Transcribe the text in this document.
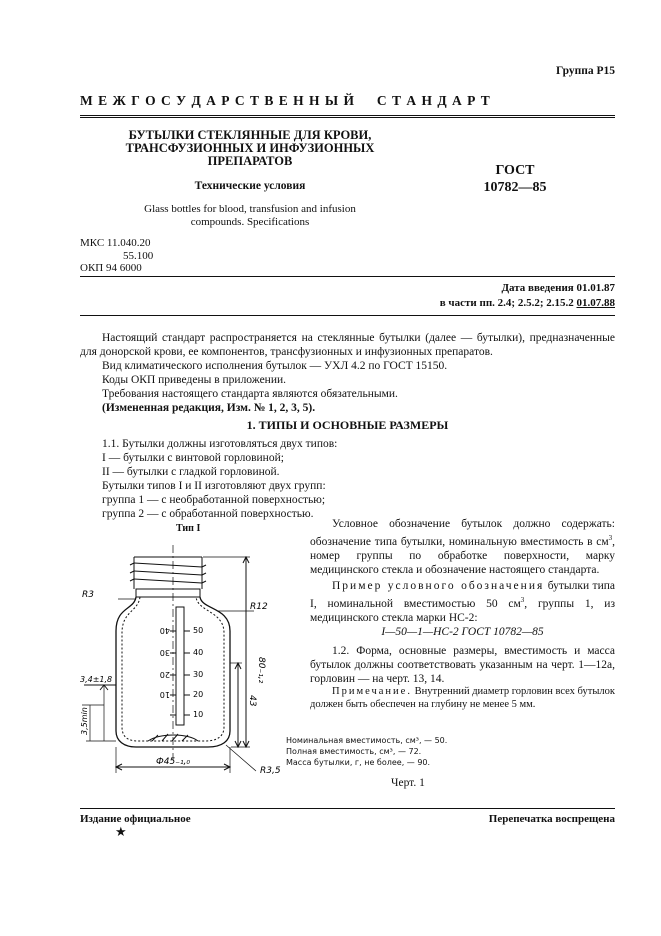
Группа Р15
М Е Ж Г О С У Д А Р С Т В Е Н Н Ы Й     С Т А Н Д А Р Т
БУТЫЛКИ СТЕКЛЯННЫЕ ДЛЯ КРОВИ,
ТРАНСФУЗИОННЫХ И ИНФУЗИОННЫХ
ПРЕПАРАТОВ
Технические условия
Glass bottles for blood, transfusion and infusion
compounds. Specifications
ГОСТ
10782—85
МКС 11.040.20
55.100
ОКП 94 6000
Дата введения 01.01.87
в части пп. 2.4; 2.5.2; 2.15.2 01.07.88
Настоящий стандарт распространяется на стеклянные бутылки (далее — бутылки), предназначенные для донорской крови, ее компонентов, трансфузионных и инфузионных препаратов.
Вид климатического исполнения бутылок — УХЛ 4.2 по ГОСТ 15150.
Коды ОКП приведены в приложении.
Требования настоящего стандарта являются обязательными.
(Измененная редакция, Изм. № 1, 2, 3, 5).
1. ТИПЫ И ОСНОВНЫЕ РАЗМЕРЫ
1.1. Бутылки должны изготовляться двух типов:
I — бутылки с винтовой горловиной;
II — бутылки с гладкой горловиной.
Бутылки типов I и II изготовляют двух групп:
группа 1 — с необработанной поверхностью;
группа 2 — с обработанной поверхностью.
Условное обозначение бутылок должно содержать: обозначение типа бутылки, номинальную вместимость в $см^3$, номер группы по обработке поверхности, марку медицинского стекла и обозначение настоящего стандарта.
Пример условного обозначения бутылки типа I, номинальной вместимостью 50 $см^3$, группы 1, из медицинского стекла марки НС-2:
I—50—1—НС-2 ГОСТ 10782—85
1.2. Форма, основные размеры, вместимость и масса бутылок должны соответствовать указанным на черт. 1—12а, горловин — на черт. 13, 14.
Примечание. Внутренний диаметр горловин всех бутылок должен быть обеспечен на глубину не менее 5 мм.
Тип I
R3
R12
80₋₁,₂
43
3,4±1,8
3,5min
Ф45₋₁,₀
R3,5
40
30
20
10
50
40
30
20
10
Номинальная вместимость, см³, — 50.
Полная вместимость, см³, — 72.
Масса бутылки, г, не более, — 90.
Черт. 1
Издание официальное
★
Перепечатка воспрещена
